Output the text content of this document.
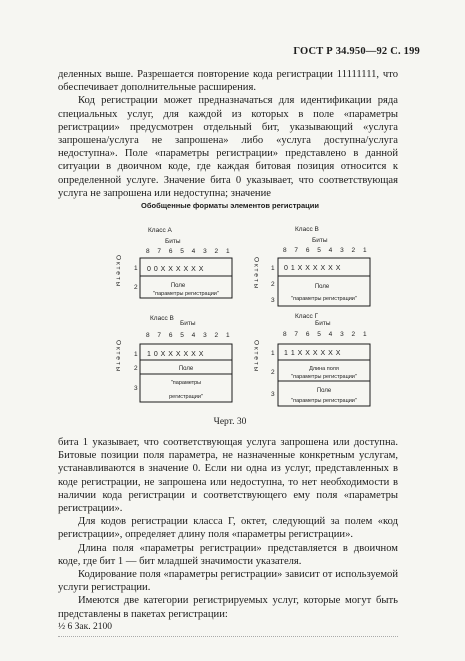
ГОСТ Р 34.950—92 С. 199

деленных выше. Разрешается повторение кода регистрации 11111111, что обеспечивает дополнительные расширения.

Код регистрации может предназначаться для идентификации ряда специальных услуг, для каждой из которых в поле «параметры регистрации» предусмотрен отдельный бит, указывающий «услуга запрошена/услуга не запрошена» либо «услуга доступна/услуга недоступна». Поле «параметры регистрации» представлено в данной ситуации в двоичном коде, где каждая битовая позиция относится к определенной услуге. Значение бита 0 указывает, что соответствующая услуга не запрошена или недоступна; значение

Обобщенные форматы элементов регистрации
Класс А
Биты
8 7 6 5 4 3 2 1
0 0 X X X X X X
Поле
"параметры регистрации"
1
2
О к т е т ы
Класс В
Биты
8 7 6 5 4 3 2 1
0 1 X X X X X X
Поле
"параметры регистрации"
1
2
3
О к т е т ы
Класс В
Биты
8 7 6 5 4 3 2 1
1 0 X X X X X X
Поле
"параметры
регистрации"
1
2
3
О к т е т ы
Класс Г
Биты
8 7 6 5 4 3 2 1
1 1 X X X X X X
Длина поля
"параметры регистрации"
Поле
"параметры регистрации"
1
2
3
О к т е т ы
Черт. 30

бита 1 указывает, что соответствующая услуга запрошена или доступна. Битовые позиции поля параметра, не назначенные конкретным услугам, устанавливаются в значение 0. Если ни одна из услуг, представленных в коде регистрации, не запрошена или недоступна, то нет необходимости в наличии кода регистрации и соответствующего ему поля «параметры регистрации».

Для кодов регистрации класса Г, октет, следующий за полем «код регистрации», определяет длину поля «параметры регистрации».

Длина поля «параметры регистрации» представляется в двоичном коде, где бит 1 — бит младшей значимости указателя.

Кодирование поля «параметры регистрации» зависит от используемой услуги регистрации.

Имеются две категории регистрируемых услуг, которые могут быть представлены в пакетах регистрации:

½ 6 Зак. 2100
